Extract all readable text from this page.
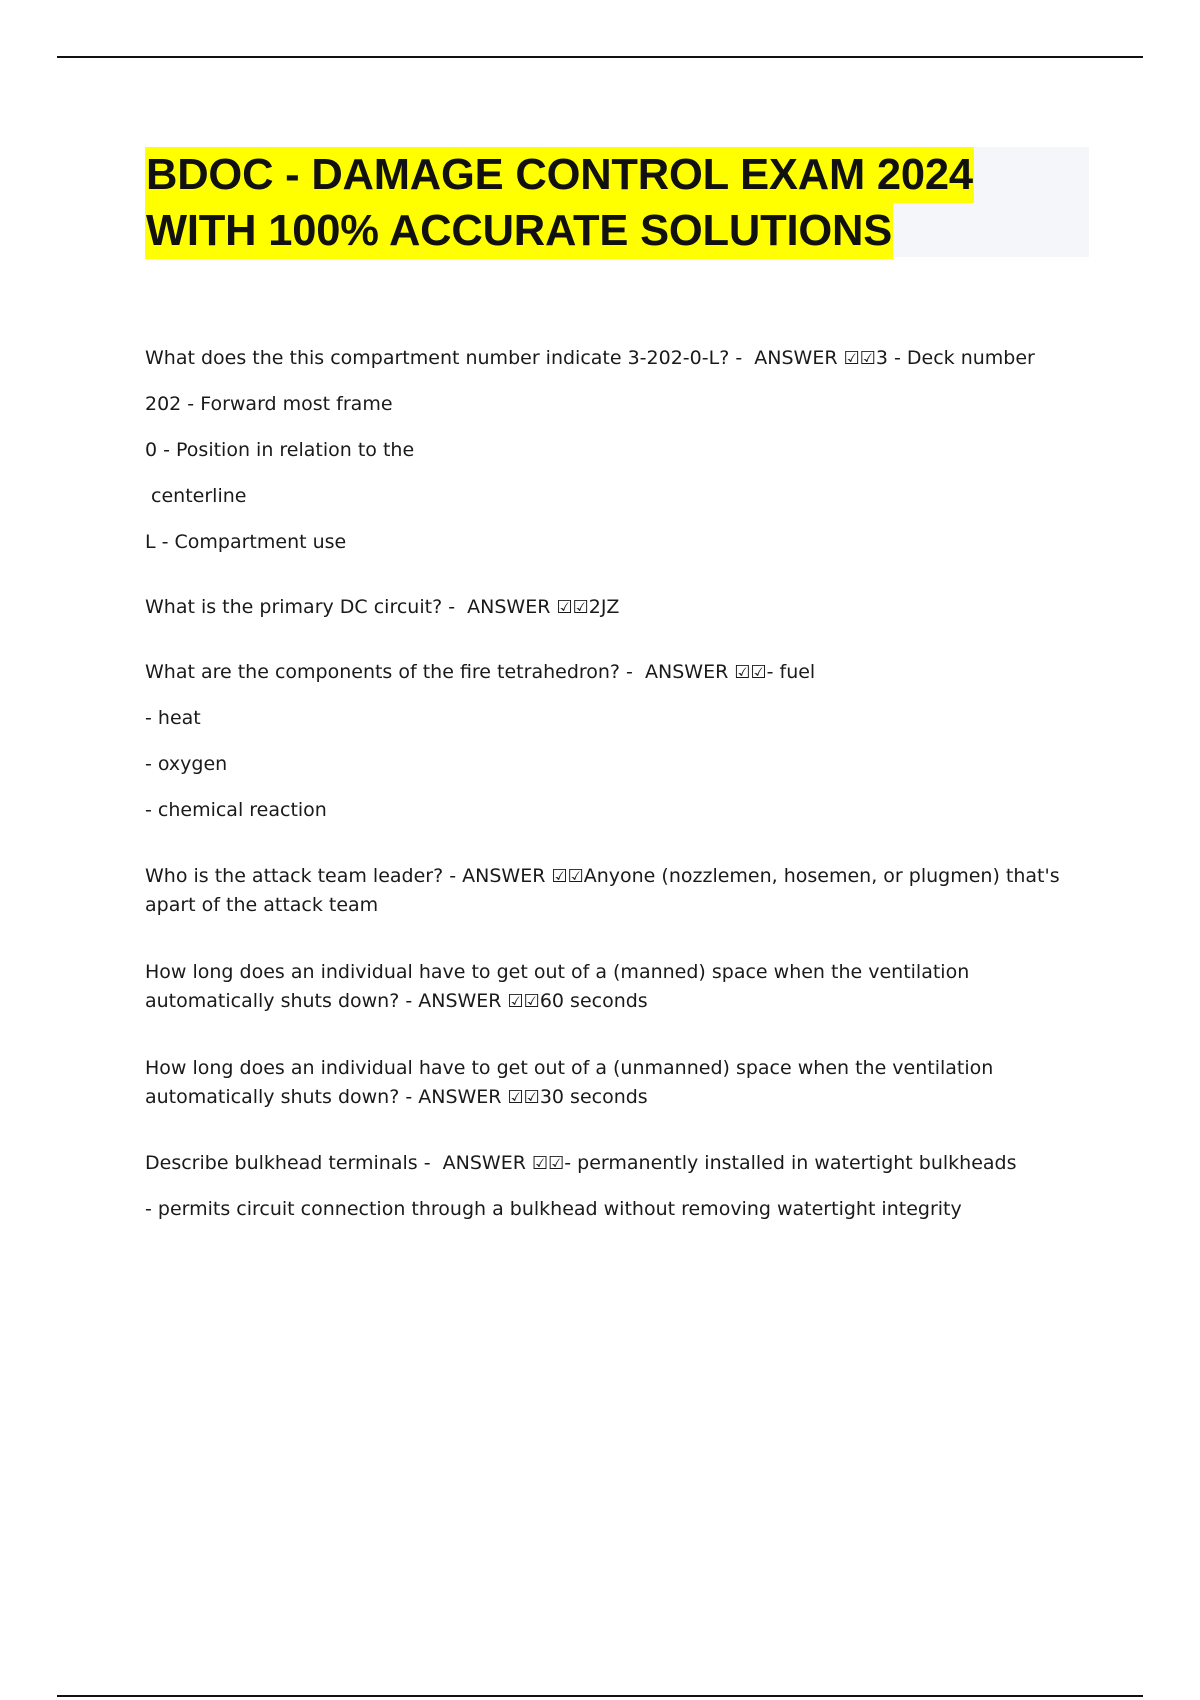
BDOC - DAMAGE CONTROL EXAM 2024
WITH 100% ACCURATE SOLUTIONS

What does the this compartment number indicate 3-202-0-L? -  ANSWER ☑☑3 - Deck number

202 - Forward most frame

0 - Position in relation to the

centerline

L - Compartment use

What is the primary DC circuit? -  ANSWER ☑☑2JZ

What are the components of the fire tetrahedron? -  ANSWER ☑☑- fuel

- heat

- oxygen

- chemical reaction

Who is the attack team leader? - ANSWER ☑☑Anyone (nozzlemen, hosemen, or plugmen) that's apart of the attack team

How long does an individual have to get out of a (manned) space when the ventilation automatically shuts down? - ANSWER ☑☑60 seconds

How long does an individual have to get out of a (unmanned) space when the ventilation automatically shuts down? - ANSWER ☑☑30 seconds

Describe bulkhead terminals -  ANSWER ☑☑- permanently installed in watertight bulkheads

- permits circuit connection through a bulkhead without removing watertight integrity
